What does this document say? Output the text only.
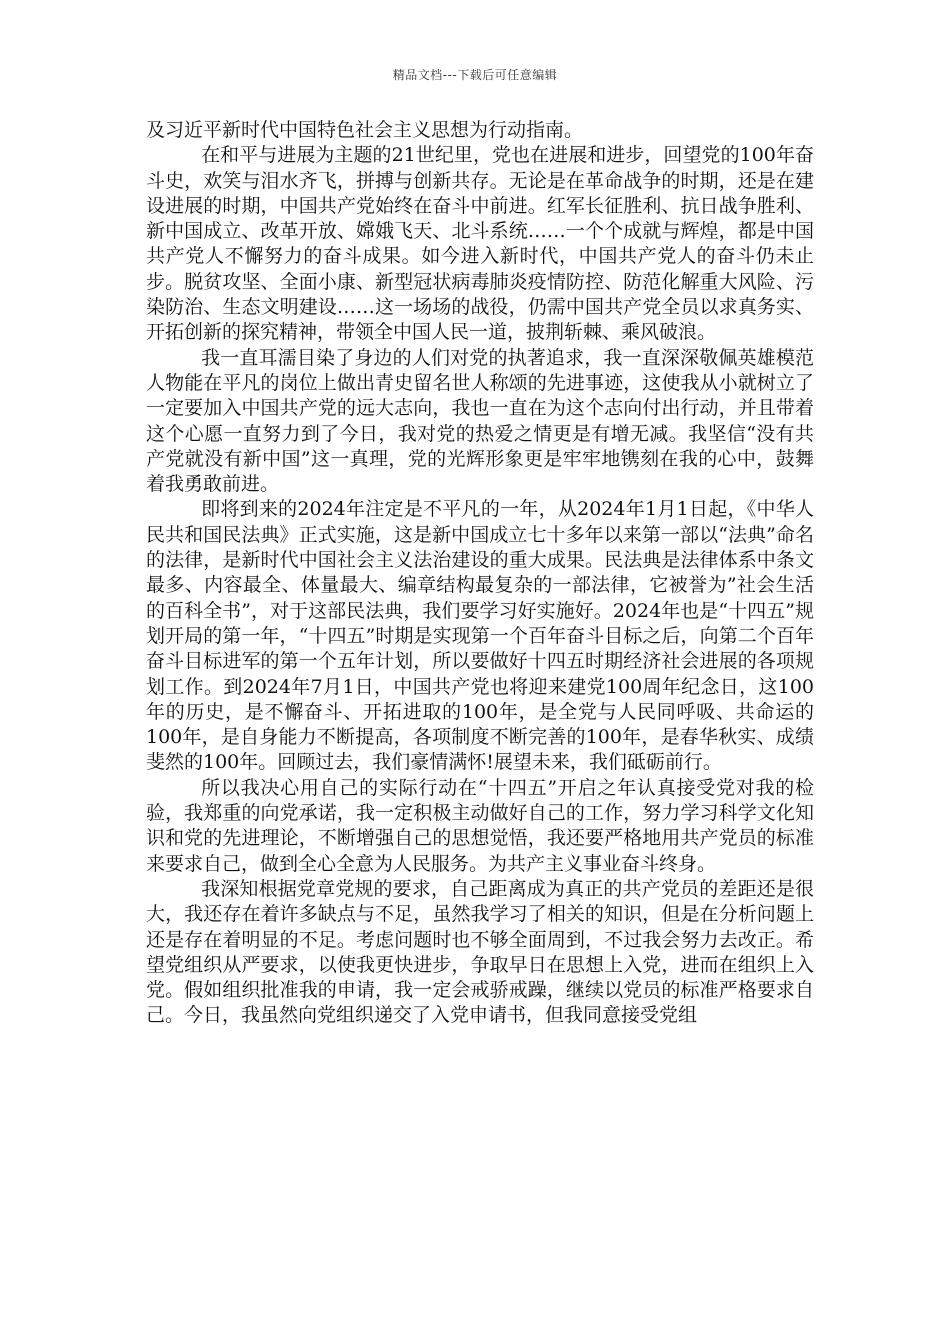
精品文档---下载后可任意编辑

及习近平新时代中国特色社会主义思想为行动指南。

在和平与进展为主题的21世纪里，党也在进展和进步，回望党的100年奋斗史，欢笑与泪水齐飞，拼搏与创新共存。无论是在革命战争的时期，还是在建设进展的时期，中国共产党始终在奋斗中前进。红军长征胜利、抗日战争胜利、新中国成立、改革开放、嫦娥飞天、北斗系统……一个个成就与辉煌，都是中国共产党人不懈努力的奋斗成果。如今进入新时代，中国共产党人的奋斗仍未止步。脱贫攻坚、全面小康、新型冠状病毒肺炎疫情防控、防范化解重大风险、污染防治、生态文明建设……这一场场的战役，仍需中国共产党全员以求真务实、开拓创新的探究精神，带领全中国人民一道，披荆斩棘、乘风破浪。

我一直耳濡目染了身边的人们对党的执著追求，我一直深深敬佩英雄模范人物能在平凡的岗位上做出青史留名世人称颂的先进事迹，这使我从小就树立了一定要加入中国共产党的远大志向，我也一直在为这个志向付出行动，并且带着这个心愿一直努力到了今日，我对党的热爱之情更是有增无减。我坚信“没有共产党就没有新中国”这一真理，党的光辉形象更是牢牢地镌刻在我的心中，鼓舞着我勇敢前进。

即将到来的2024年注定是不平凡的一年，从2024年1月1日起，《中华人民共和国民法典》正式实施，这是新中国成立七十多年以来第一部以“法典”命名的法律，是新时代中国社会主义法治建设的重大成果。民法典是法律体系中条文最多、内容最全、体量最大、编章结构最复杂的一部法律，它被誉为”社会生活的百科全书”，对于这部民法典，我们要学习好实施好。2024年也是“十四五”规划开局的第一年，“十四五”时期是实现第一个百年奋斗目标之后，向第二个百年奋斗目标进军的第一个五年计划，所以要做好十四五时期经济社会进展的各项规划工作。到2024年7月1日，中国共产党也将迎来建党100周年纪念日，这100年的历史，是不懈奋斗、开拓进取的100年，是全党与人民同呼吸、共命运的100年，是自身能力不断提高，各项制度不断完善的100年，是春华秋实、成绩斐然的100年。回顾过去，我们豪情满怀!展望未来，我们砥砺前行。

所以我决心用自己的实际行动在“十四五”开启之年认真接受党对我的检验，我郑重的向党承诺，我一定积极主动做好自己的工作，努力学习科学文化知识和党的先进理论，不断增强自己的思想觉悟，我还要严格地用共产党员的标准来要求自己，做到全心全意为人民服务。为共产主义事业奋斗终身。

我深知根据党章党规的要求，自己距离成为真正的共产党员的差距还是很大，我还存在着许多缺点与不足，虽然我学习了相关的知识，但是在分析问题上还是存在着明显的不足。考虑问题时也不够全面周到，不过我会努力去改正。希望党组织从严要求，以使我更快进步，争取早日在思想上入党，进而在组织上入党。假如组织批准我的申请，我一定会戒骄戒躁，继续以党员的标准严格要求自己。今日，我虽然向党组织递交了入党申请书，但我同意接受党组
